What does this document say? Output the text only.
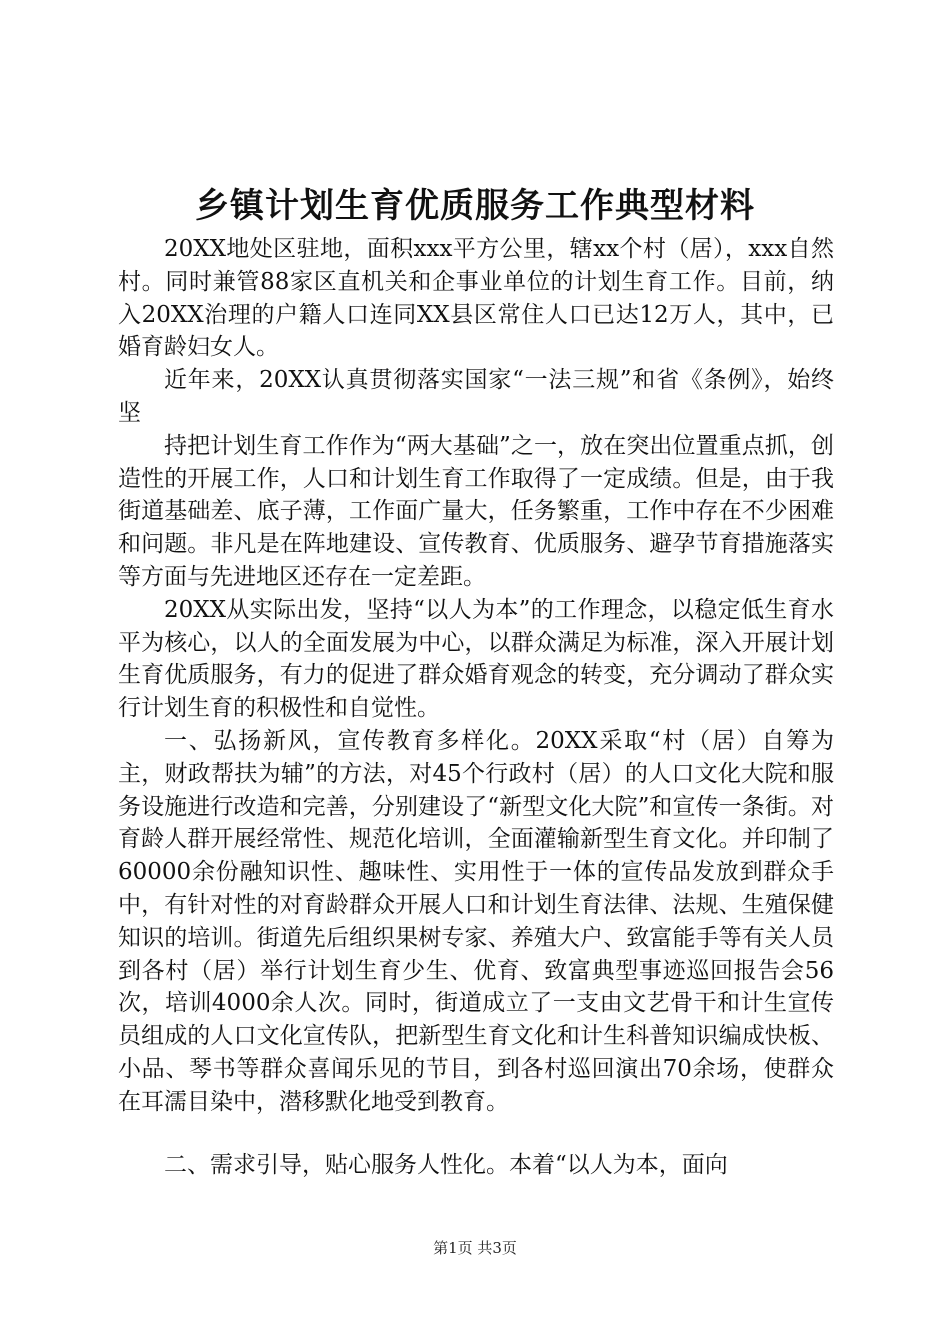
乡镇计划生育优质服务工作典型材料

20XX地处区驻地，面积xxx平方公里，辖xx个村（居），xxx自然村。同时兼管88家区直机关和企事业单位的计划生育工作。目前，纳入20XX治理的户籍人口连同XX县区常住人口已达12万人，其中，已婚育龄妇女人。

近年来，20XX认真贯彻落实国家“一法三规”和省《条例》，始终坚

持把计划生育工作作为“两大基础”之一，放在突出位置重点抓，创造性的开展工作，人口和计划生育工作取得了一定成绩。但是，由于我街道基础差、底子薄，工作面广量大，任务繁重，工作中存在不少困难和问题。非凡是在阵地建设、宣传教育、优质服务、避孕节育措施落实等方面与先进地区还存在一定差距。

20XX从实际出发，坚持“以人为本”的工作理念，以稳定低生育水平为核心，以人的全面发展为中心，以群众满足为标准，深入开展计划生育优质服务，有力的促进了群众婚育观念的转变，充分调动了群众实行计划生育的积极性和自觉性。

一、弘扬新风，宣传教育多样化。20XX采取“村（居）自筹为主，财政帮扶为辅”的方法，对45个行政村（居）的人口文化大院和服务设施进行改造和完善，分别建设了“新型文化大院”和宣传一条街。对育龄人群开展经常性、规范化培训，全面灌输新型生育文化。并印制了60000余份融知识性、趣味性、实用性于一体的宣传品发放到群众手中，有针对性的对育龄群众开展人口和计划生育法律、法规、生殖保健知识的培训。街道先后组织果树专家、养殖大户、致富能手等有关人员到各村（居）举行计划生育少生、优育、致富典型事迹巡回报告会56次，培训4000余人次。同时，街道成立了一支由文艺骨干和计生宣传员组成的人口文化宣传队，把新型生育文化和计生科普知识编成快板、小品、琴书等群众喜闻乐见的节目，到各村巡回演出70余场，使群众在耳濡目染中，潜移默化地受到教育。

二、需求引导，贴心服务人性化。本着“以人为本，面向

第1页 共3页
